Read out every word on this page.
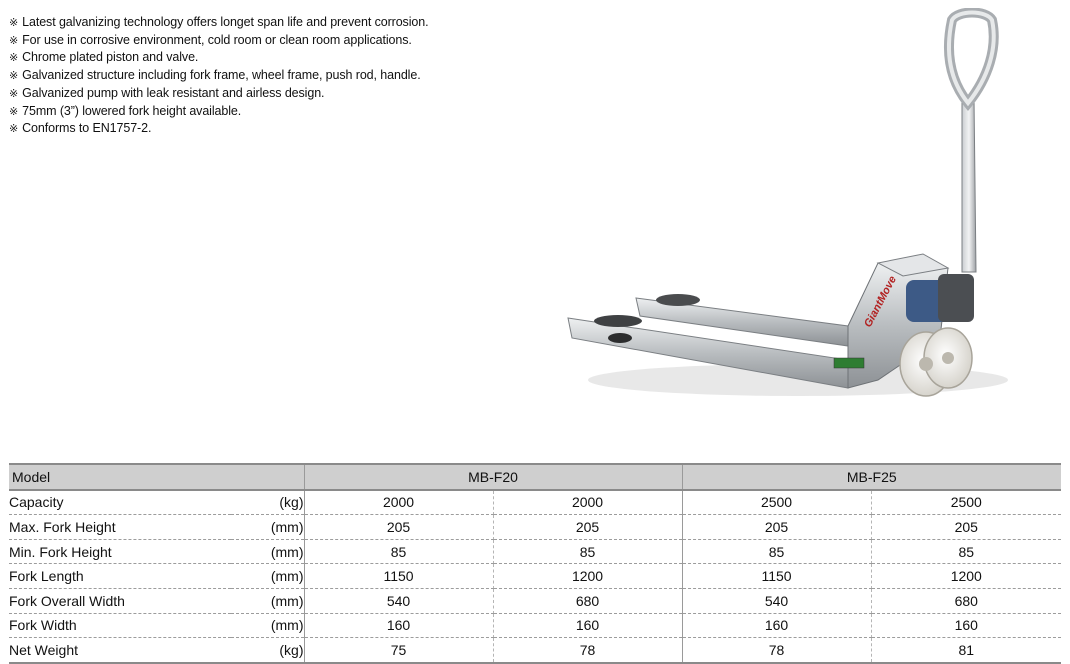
※ Latest galvanizing technology offers longet span life and prevent corrosion.
※ For use in corrosive environment, cold room or clean room applications.
※ Chrome plated piston and valve.
※ Galvanized structure including fork frame, wheel frame, push rod, handle.
※ Galvanized pump with leak resistant and airless design.
※ 75mm (3”) lowered fork height available.
※ Conforms to EN1757-2.
GiantMove
Model		MB-F20		MB-F25	
Capacity	(kg)	2000	2000	2500	2500
Max. Fork Height	(mm)	205	205	205	205
Min. Fork Height	(mm)	85	85	85	85
Fork Length	(mm)	1150	1200	1150	1200
Fork Overall Width	(mm)	540	680	540	680
Fork Width	(mm)	160	160	160	160
Net Weight	(kg)	75	78	78	81
